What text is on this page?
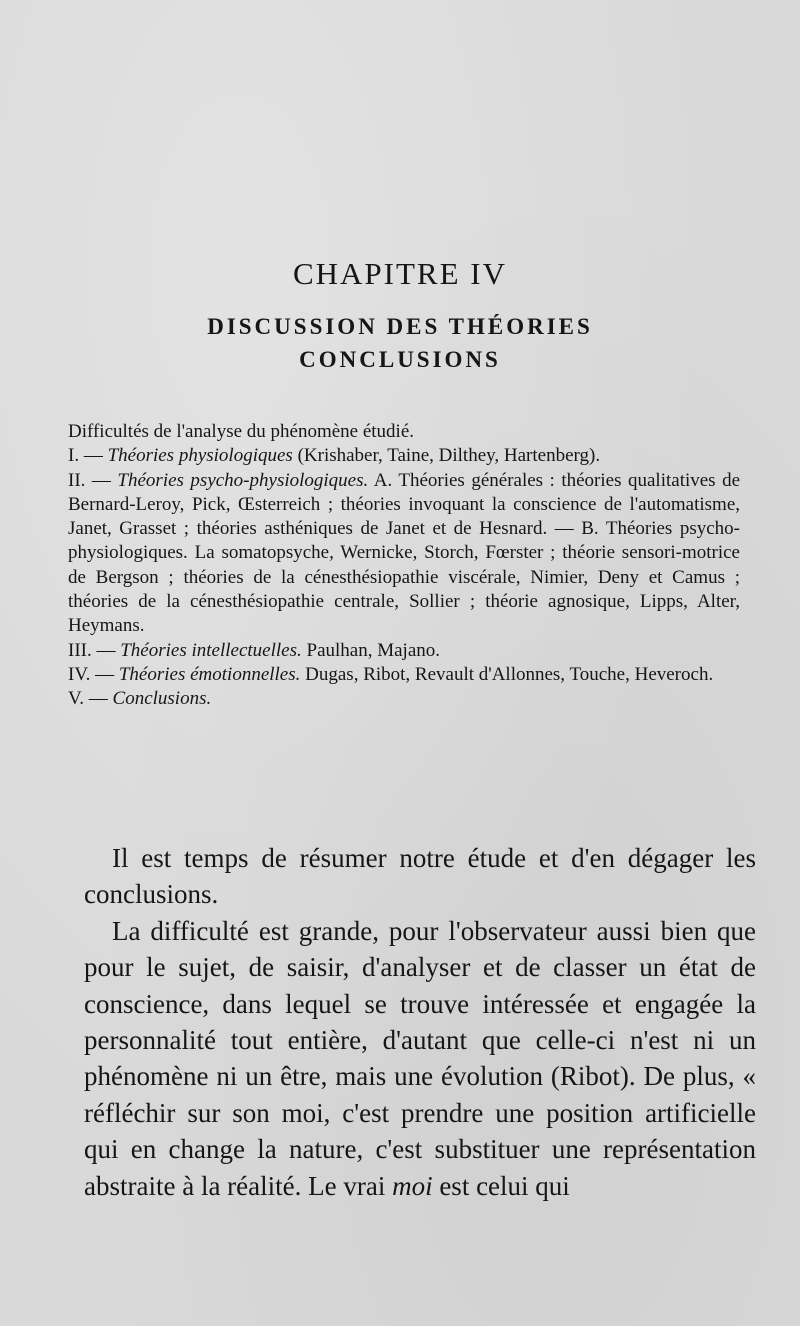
CHAPITRE IV
DISCUSSION DES THÉORIES
CONCLUSIONS

Difficultés de l'analyse du phénomène étudié.

I. — Théories physiologiques (Krishaber, Taine, Dilthey, Hartenberg).

II. — Théories psycho-physiologiques. A. Théories générales : théories qualitatives de Bernard-Leroy, Pick, Œsterreich ; théories invoquant la conscience de l'automatisme, Janet, Grasset ; théories asthéniques de Janet et de Hesnard. — B. Théories psycho-physiologiques. La somatopsyche, Wernicke, Storch, Fœrster ; théorie sensori-motrice de Bergson ; théories de la cénesthésiopathie viscérale, Nimier, Deny et Camus ; théories de la cénesthésiopathie centrale, Sollier ; théorie agnosique, Lipps, Alter, Heymans.

III. — Théories intellectuelles. Paulhan, Majano.

IV. — Théories émotionnelles. Dugas, Ribot, Revault d'Allonnes, Touche, Heveroch.

V. — Conclusions.

Il est temps de résumer notre étude et d'en dégager les conclusions.

La difficulté est grande, pour l'observateur aussi bien que pour le sujet, de saisir, d'analyser et de classer un état de conscience, dans lequel se trouve intéressée et engagée la personnalité tout entière, d'autant que celle-ci n'est ni un phénomène ni un être, mais une évolution (Ribot). De plus, « réfléchir sur son moi, c'est prendre une position artificielle qui en change la nature, c'est substituer une représentation abstraite à la réalité. Le vrai moi est celui qui
